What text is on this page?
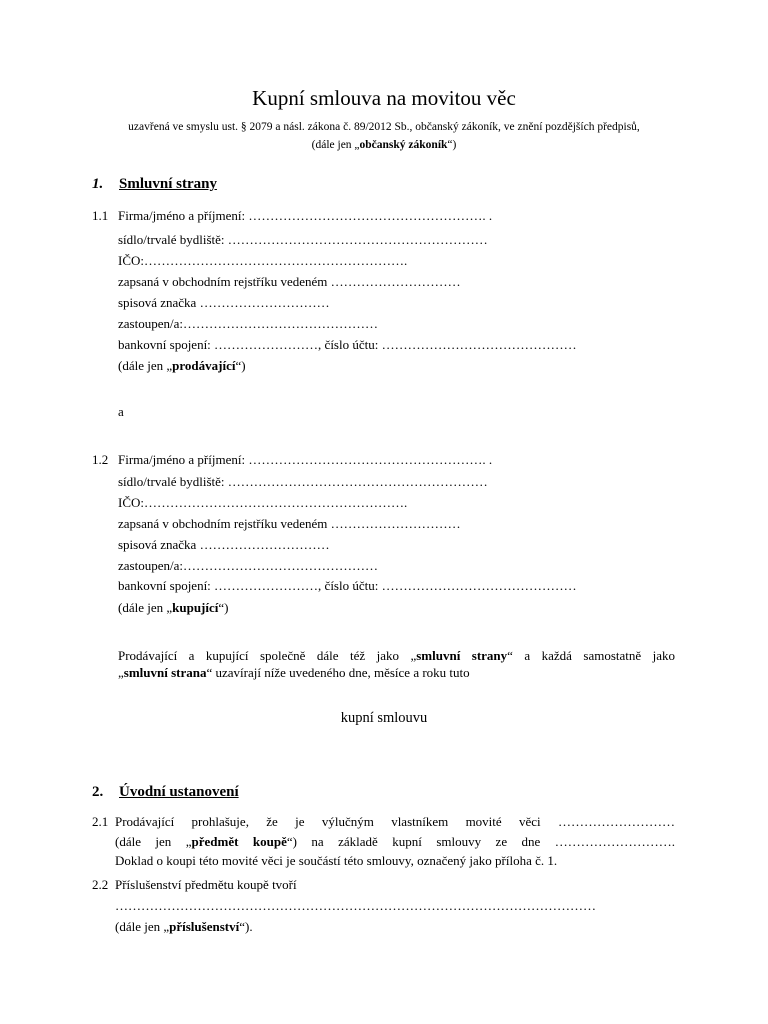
Kupní smlouva na movitou věc
uzavřená ve smyslu ust. § 2079 a násl. zákona č. 89/2012 Sb., občanský zákoník, ve znění pozdějších předpisů,
(dále jen „občanský zákoník“)
1. Smluvní strany
1.1 Firma/jméno a příjmení: ………………………………………………. .
sídlo/trvalé bydliště: ……………………………………………………
IČO:…………………………………………………….
zapsaná v obchodním rejstříku vedeném …………………………
spisová značka …………………………
zastoupen/a:………………………………………
bankovní spojení: ……………………, číslo účtu: ………………………………………
(dále jen „prodávající“)
a
1.2 Firma/jméno a příjmení: ………………………………………………. .
sídlo/trvalé bydliště: ……………………………………………………
IČO:…………………………………………………….
zapsaná v obchodním rejstříku vedeném …………………………
spisová značka …………………………
zastoupen/a:………………………………………
bankovní spojení: ……………………, číslo účtu: ………………………………………
(dále jen „kupující“)
Prodávající a kupující společně dále též jako „smluvní strany“ a každá samostatně jako
„smluvní strana“ uzavírají níže uvedeného dne, měsíce a roku tuto
kupní smlouvu
2. Úvodní ustanovení
2.1 Prodávající prohlašuje, že je výlučným vlastníkem movité věci ………………………
(dále jen „předmět koupě“) na základě kupní smlouvy ze dne ……………………….
Doklad o koupi této movité věci je součástí této smlouvy, označený jako příloha č. 1.
2.2 Příslušenství předmětu koupě tvoří
…………………………………………………………………………………………………
(dále jen „příslušenství“).
